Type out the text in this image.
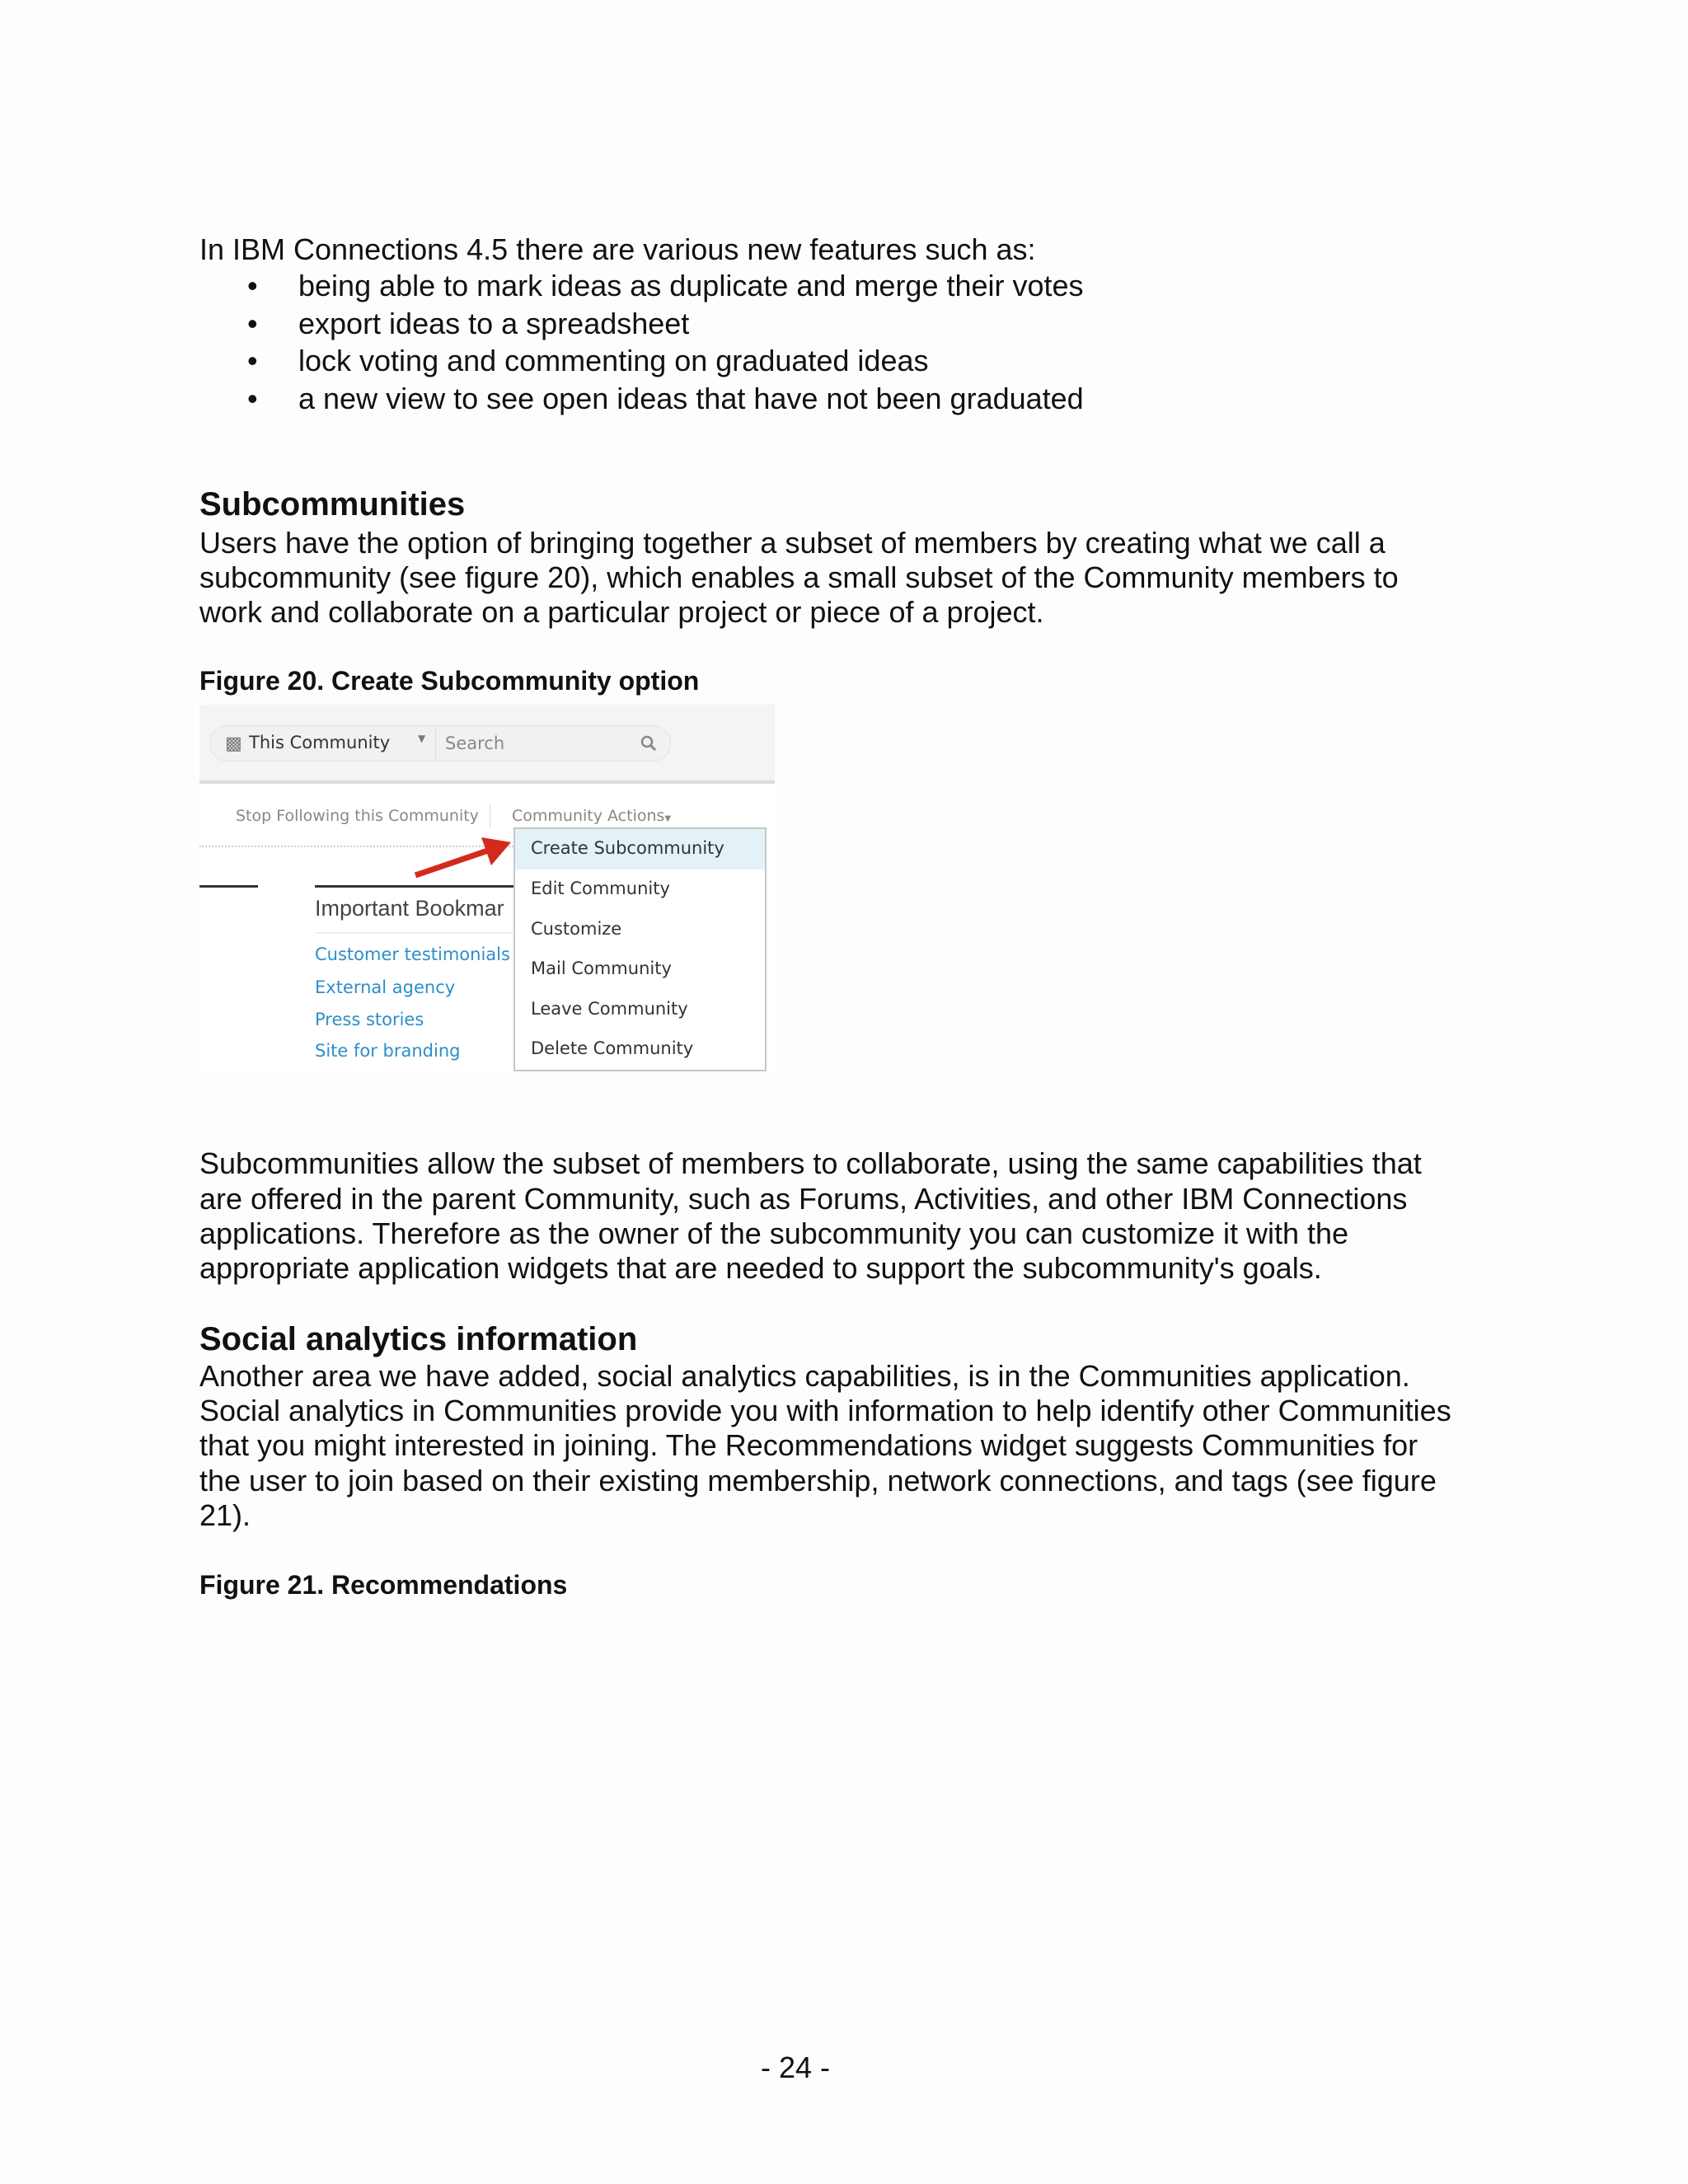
In IBM Connections 4.5 there are various new features such as:
• being able to mark ideas as duplicate and merge their votes
• export ideas to a spreadsheet
• lock voting and commenting on graduated ideas
• a new view to see open ideas that have not been graduated
Subcommunities
Users have the option of bringing together a subset of members by creating what we call a
subcommunity (see figure 20), which enables a small subset of the Community members to
work and collaborate on a particular project or piece of a project.
Figure 20. Create Subcommunity option
▩ This Community	▼ Search
Stop Following this Community Community Actions▼
Important Bookmar
Customer testimonials
External agency
Press stories
Site for branding
Create Subcommunity
Edit Community
Customize
Mail Community
Leave Community
Delete Community
Subcommunities allow the subset of members to collaborate, using the same capabilities that
are offered in the parent Community, such as Forums, Activities, and other IBM Connections
applications. Therefore as the owner of the subcommunity you can customize it with the
appropriate application widgets that are needed to support the subcommunity's goals.
Social analytics information
Another area we have added, social analytics capabilities, is in the Communities application.
Social analytics in Communities provide you with information to help identify other Communities
that you might interested in joining. The Recommendations widget suggests Communities for
the user to join based on their existing membership, network connections, and tags (see figure
21).
Figure 21. Recommendations
- 24 -
